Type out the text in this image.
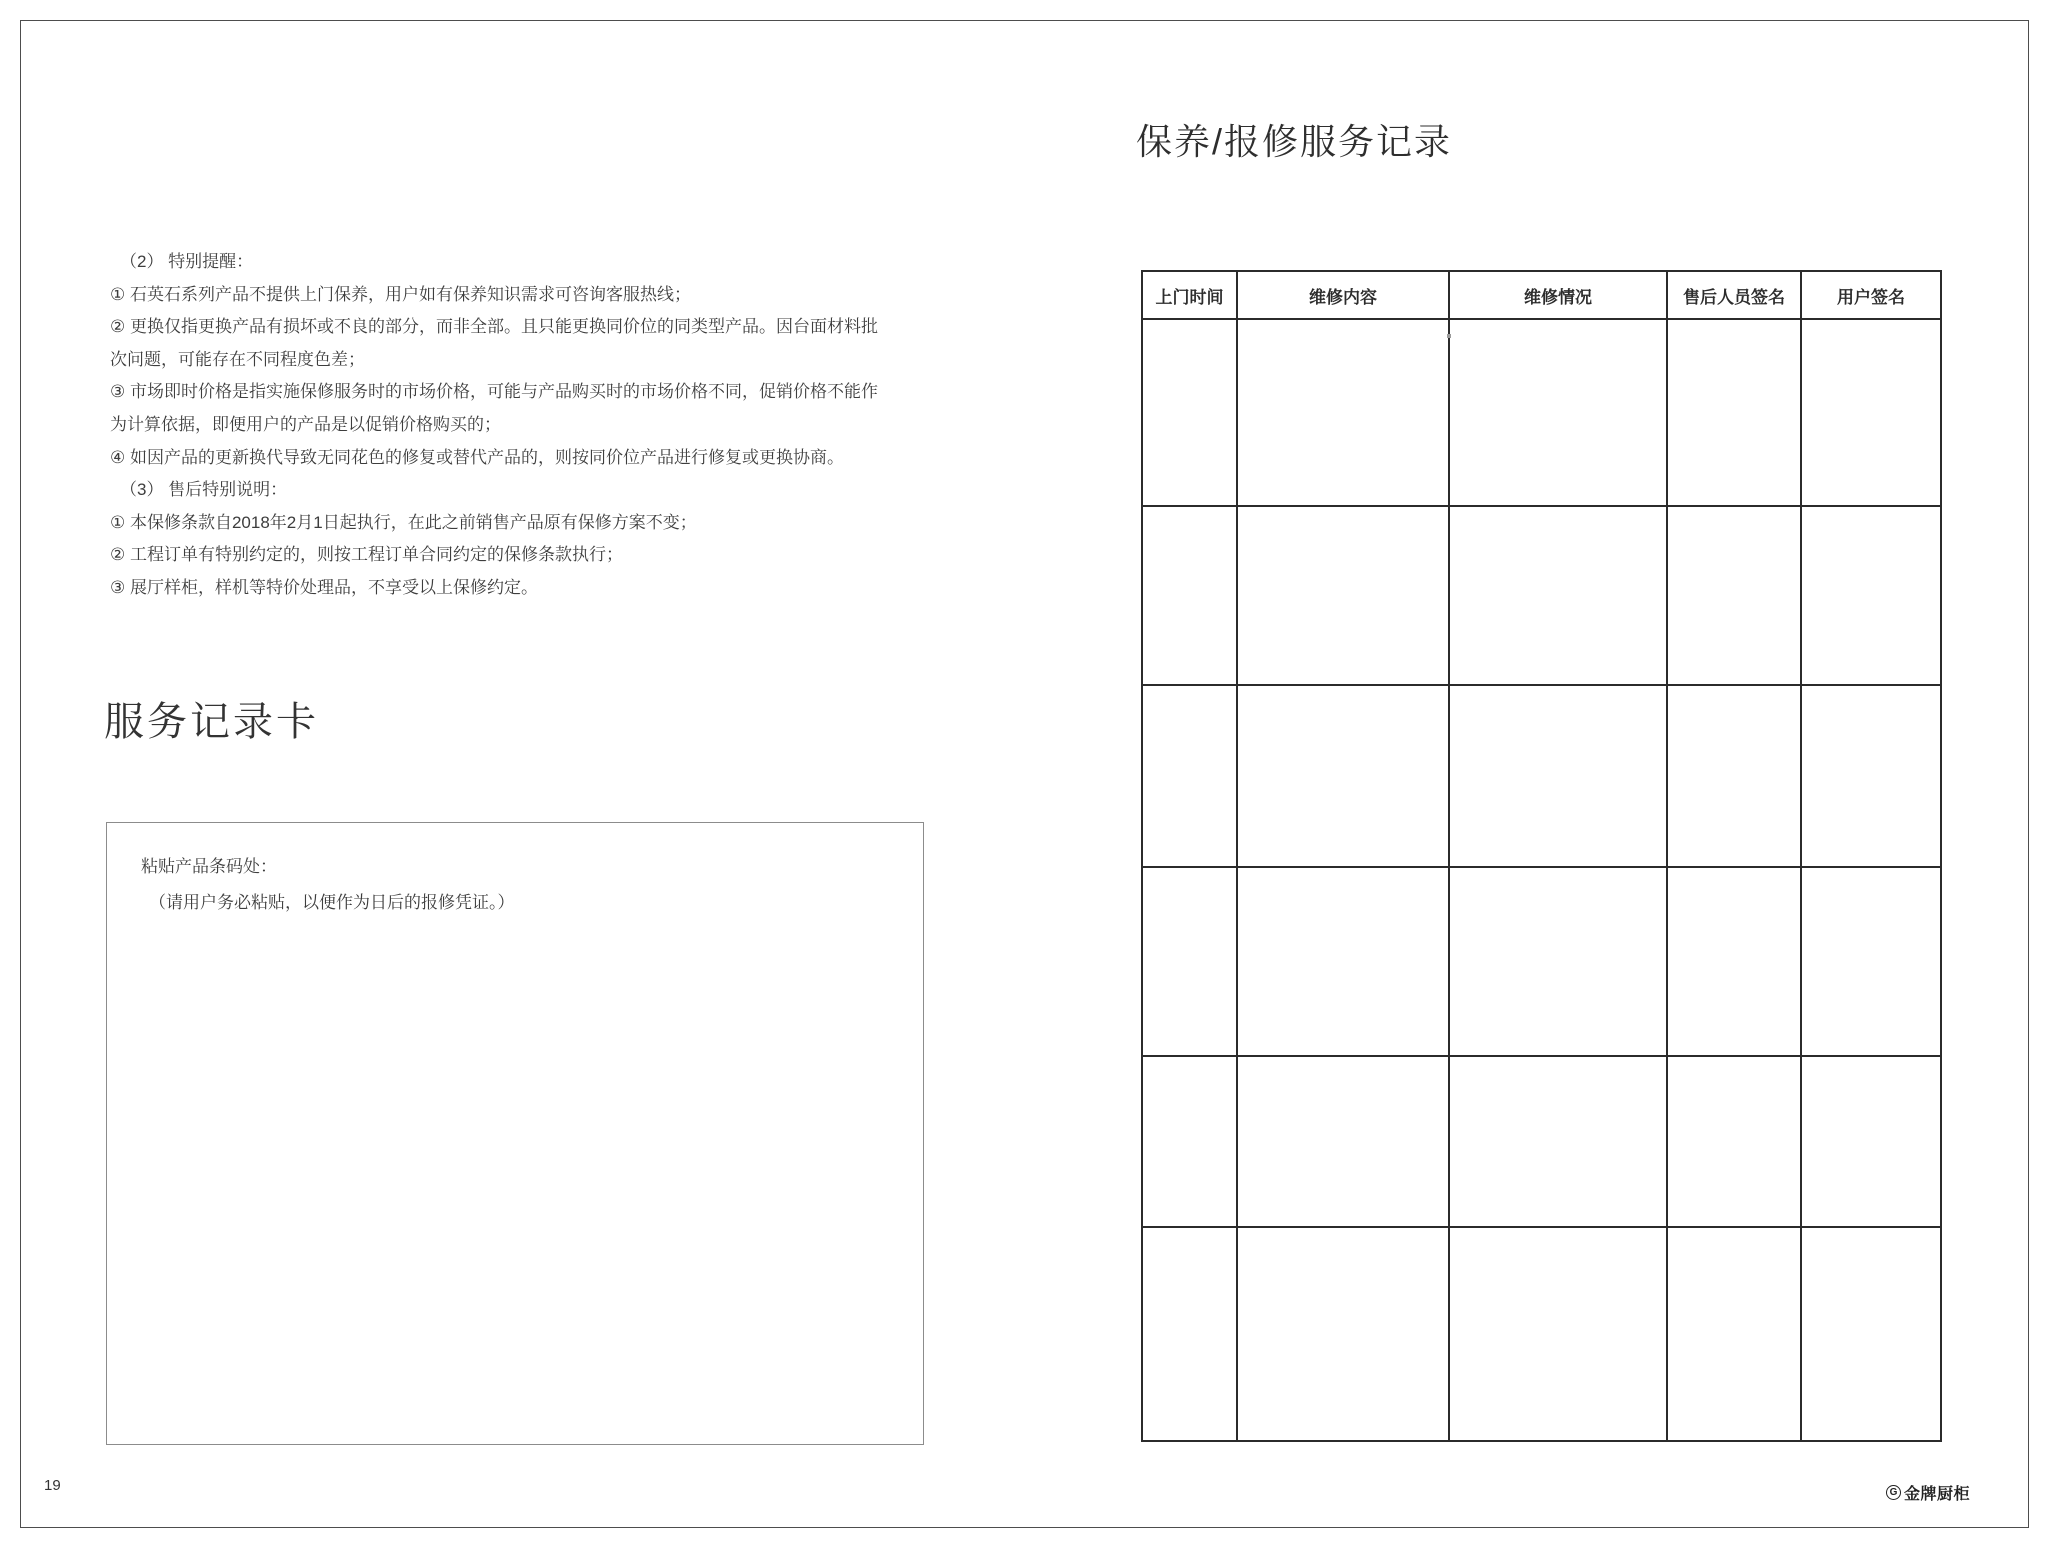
（2） 特别提醒：
① 石英石系列产品不提供上门保养，用户如有保养知识需求可咨询客服热线；
② 更换仅指更换产品有损坏或不良的部分，而非全部。且只能更换同价位的同类型产品。因台面材料批
次问题，可能存在不同程度色差；
③ 市场即时价格是指实施保修服务时的市场价格，可能与产品购买时的市场价格不同，促销价格不能作
为计算依据，即便用户的产品是以促销价格购买的；
④ 如因产品的更新换代导致无同花色的修复或替代产品的，则按同价位产品进行修复或更换协商。
（3） 售后特别说明：
① 本保修条款自2018年2月1日起执行，在此之前销售产品原有保修方案不变；
② 工程订单有特别约定的，则按工程订单合同约定的保修条款执行；
③ 展厅样柜，样机等特价处理品，不享受以上保修约定。
服务记录卡
粘贴产品条码处：
（请用户务必粘贴，以便作为日后的报修凭证。）
保养/报修服务记录
上门时间	维修内容	维修情况	售后人员签名	用户签名

19	G 金牌厨柜
